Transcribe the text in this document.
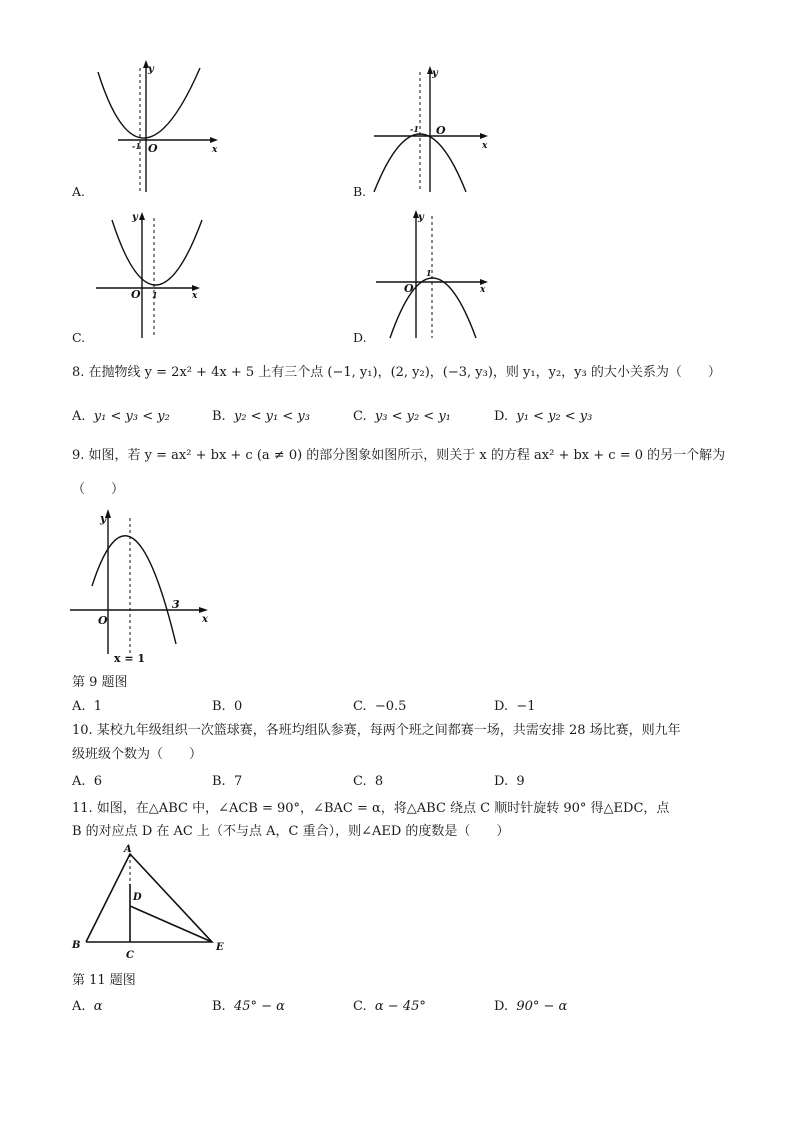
A.
y
-1 O	x
B.
y
-1 O
x
C.
y
O 1	x
D.
y
1
O	x
8. 在抛物线 y = 2x² + 4x + 5 上有三个点 (−1, y₁)，(2, y₂)，(−3, y₃)，则 y₁，y₂，y₃ 的大小关系为（　　）
A. y₁ < y₃ < y₂	B. y₂ < y₁ < y₃	C. y₃ < y₂ < y₁	D. y₁ < y₂ < y₃
9. 如图，若 y = ax² + bx + c (a ≠ 0) 的部分图象如图所示，则关于 x 的方程 ax² + bx + c = 0 的另一个解为
（　　）
y
O
3
x
x = 1
第 9 题图
A. 1	B. 0	C. −0.5	D. −1
10. 某校九年级组织一次篮球赛，各班均组队参赛，每两个班之间都赛一场，共需安排 28 场比赛，则九年
级班级个数为（　　）
A. 6	B. 7	C. 8	D. 9
11. 如图，在△ABC 中，∠ACB = 90°，∠BAC = α，将△ABC 绕点 C 顺时针旋转 90° 得△EDC，点
B 的对应点 D 在 AC 上（不与点 A，C 重合），则∠AED 的度数是（　　）
A
B
C
D
E
第 11 题图
A. α	B. 45° − α	C. α − 45°	D. 90° − α
